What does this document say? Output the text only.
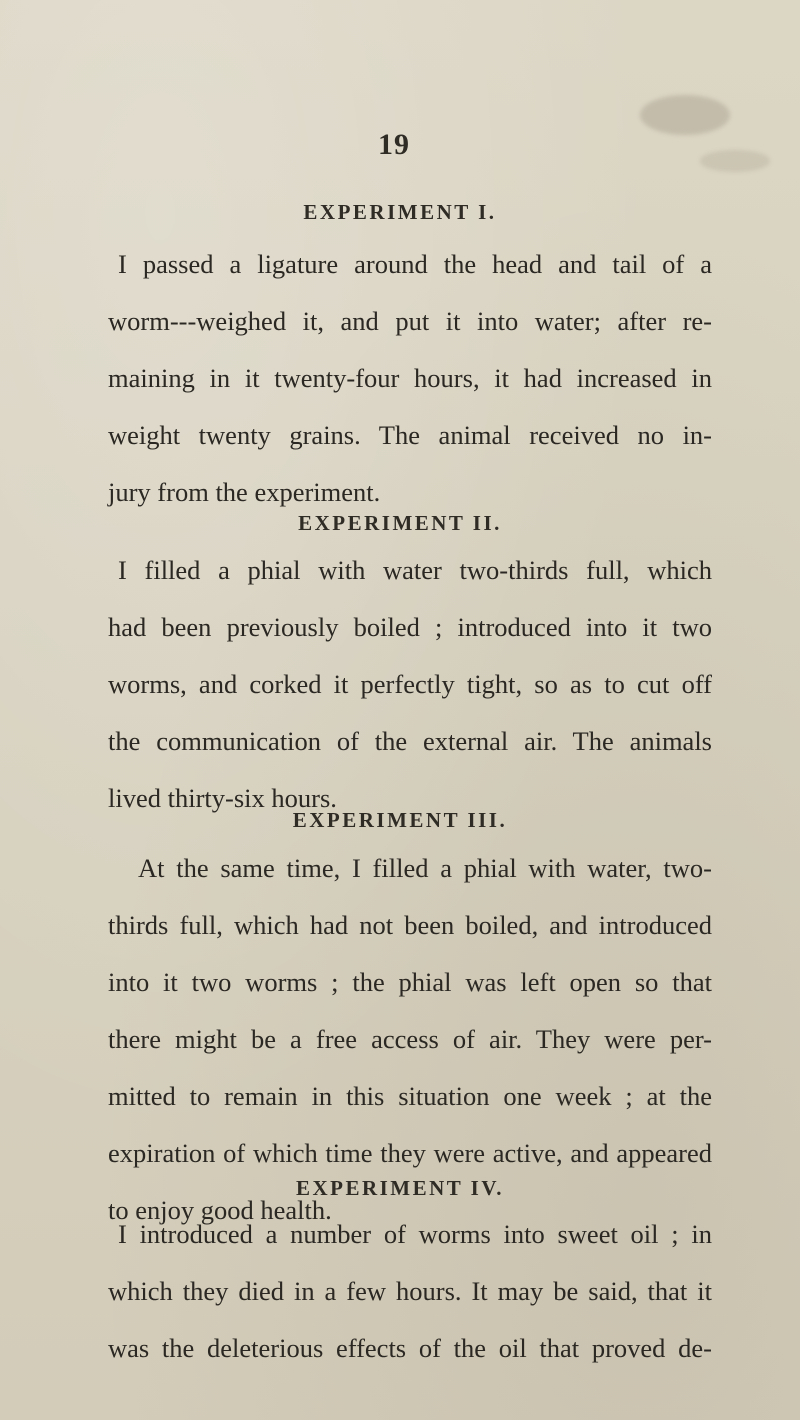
19
EXPERIMENT I.

I passed a ligature around the head and tail of a
worm---weighed it, and put it into water; after re-
maining in it twenty-four hours, it had increased in
weight twenty grains. The animal received no in-
jury from the experiment.

EXPERIMENT II.

I filled a phial with water two-thirds full, which
had been previously boiled ; introduced into it two
worms, and corked it perfectly tight, so as to cut off
the communication of the external air. The animals
lived thirty-six hours.

EXPERIMENT III.

At the same time, I filled a phial with water, two-
thirds full, which had not been boiled, and introduced
into it two worms ; the phial was left open so that
there might be a free access of air. They were per-
mitted to remain in this situation one week ; at the
expiration of which time they were active, and appeared
to enjoy good health.

EXPERIMENT IV.

I introduced a number of worms into sweet oil ; in
which they died in a few hours. It may be said, that it
was the deleterious effects of the oil that proved de-
